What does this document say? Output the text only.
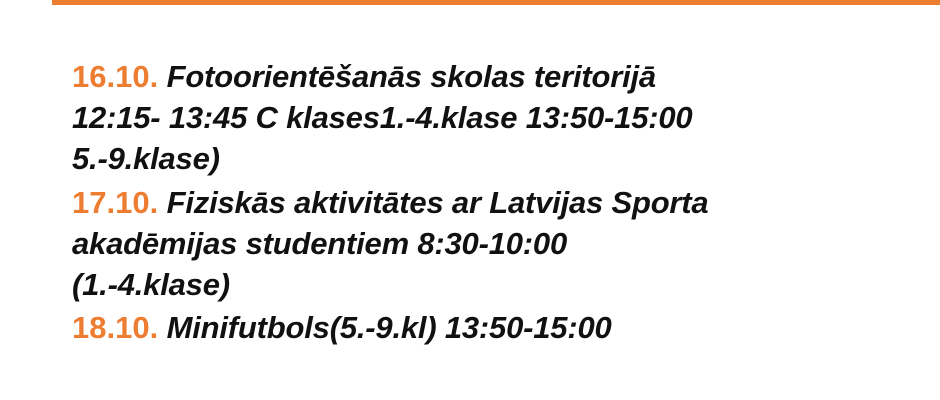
16.10. Fotoorientēšanās skolas teritorijā
12:15- 13:45 C klases1.-4.klase 13:50-15:00
5.-9.klase)
17.10. Fiziskās aktivitātes ar Latvijas Sporta
akadēmijas studentiem 8:30-10:00
(1.-4.klase)
18.10. Minifutbols(5.-9.kl) 13:50-15:00
